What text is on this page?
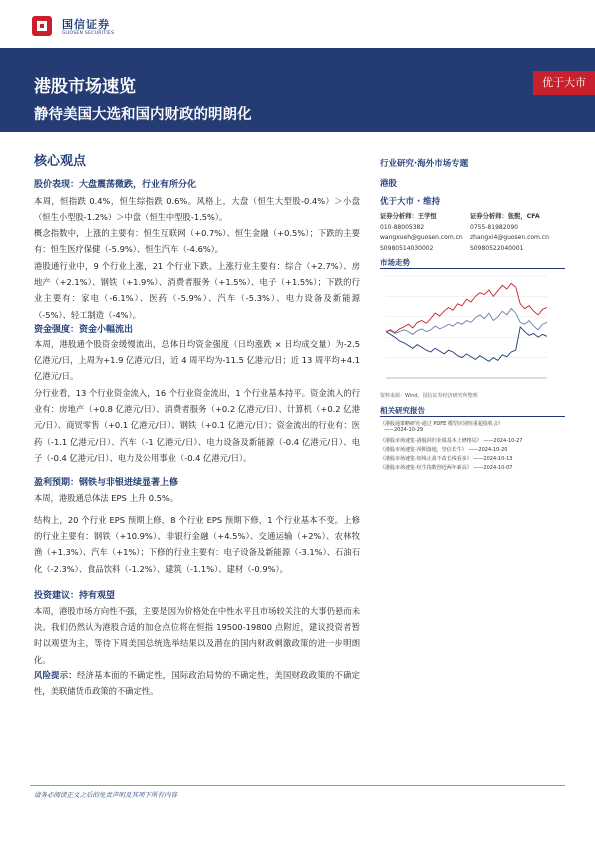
国信证券
GUOSEN SECURITIES
港股市场速览
静待美国大选和国内财政的明朗化
优于大市
核心观点
股价表现：大盘震荡微跌，行业有所分化
本周，恒指跌 0.4%，恒生综指跌 0.6%。风格上，大盘（恒生大型股-0.4%）＞小盘（恒生小型股-1.2%）＞中盘（恒生中型股-1.5%）。
概念指数中，上涨的主要有：恒生互联网（+0.7%）、恒生金融（+0.5%）；下跌的主要有：恒生医疗保健（-5.9%）、恒生汽车（-4.6%）。
港股通行业中，9 个行业上涨，21 个行业下跌。上涨行业主要有：综合（+2.7%）、房地产（+2.1%）、钢铁（+1.9%）、消费者服务（+1.5%）、电子（+1.5%）；下跌的行业主要有：家电（-6.1%）、医药（-5.9%）、汽车（-5.3%）、电力设备及新能源（-5%）、轻工制造（-4%）。
资金强度：资金小幅流出
本周，港股通个股资金缓慢流出，总体日均资金强度（日均涨跌 × 日均成交量）为-2.5 亿港元/日，上周为+1.9 亿港元/日，近 4 周平均为-11.5 亿港元/日；近 13 周平均+4.1 亿港元/日。
分行业看，13 个行业资金流入，16 个行业资金流出，1 个行业基本持平。资金流入的行业有：房地产（+0.8 亿港元/日）、消费者服务（+0.2 亿港元/日）、计算机（+0.2 亿港元/日）、商贸零售（+0.1 亿港元/日）、钢铁（+0.1 亿港元/日）；资金流出的行业有：医药（-1.1 亿港元/日）、汽车（-1 亿港元/日）、电力设备及新能源（-0.4 亿港元/日）、电子（-0.4 亿港元/日）、电力及公用事业（-0.4 亿港元/日）。
盈利预期：钢铁与非银进续显著上修
本周，港股通总体法 EPS 上升 0.5%。
结构上，20 个行业 EPS 预期上修，8 个行业 EPS 预期下修，1 个行业基本不变。上修的行业主要有：钢铁（+10.9%）、非银行金融（+4.5%）、交通运输（+2%）、农林牧渔（+1.3%）、汽车（+1%）；下修的行业主要有：电子设备及新能源（-3.1%）、石油石化（-2.3%）、食品饮料（-1.2%）、建筑（-1.1%）、建材（-0.9%）。
投资建议：持有观望
本周，港股市场方向性不强，主要是因为价格处在中性水平且市场较关注的大事仍悬而未决。我们仍然认为港股合适的加仓点位将在恒指 19500-19800 点附近，建议投资者暂时以观望为主，等待下周美国总统选举结果以及潜在的国内财政刺激政策的进一步明朗化。
风险提示：经济基本面的不确定性，国际政治局势的不确定性，美国财政政策的不确定性，美联储货币政策的不确定性。
行业研究·海外市场专题
港股
优于大市 · 维持
证券分析师：王学恒
010-88005382
wangxueh@guosen.com.cn
S0980514030002
证券分析师：张熙，CFA
0755-81982090
zhangxi4@guosen.com.cn
S0980522040001
市场走势
资料来源：Wind、国信证券经济研究所整理
相关研究报告
《港股通策略研究-通过 PDFE 模型识别恒重超投机会》
——2024-10-29
《港股市场速览-港股回归业绩基本上修格局》 ——2024-10-27
《港股市场速览-预期落地，坚信长牛》 ——2024-10-20
《港股市场速览-短线止盈不改长线看多》 ——2024-10-13
《港股市场速览-恒生指数创近两年新高》 ——2024-10-07
请务必阅读正文之后的免责声明及其项下所有内容
